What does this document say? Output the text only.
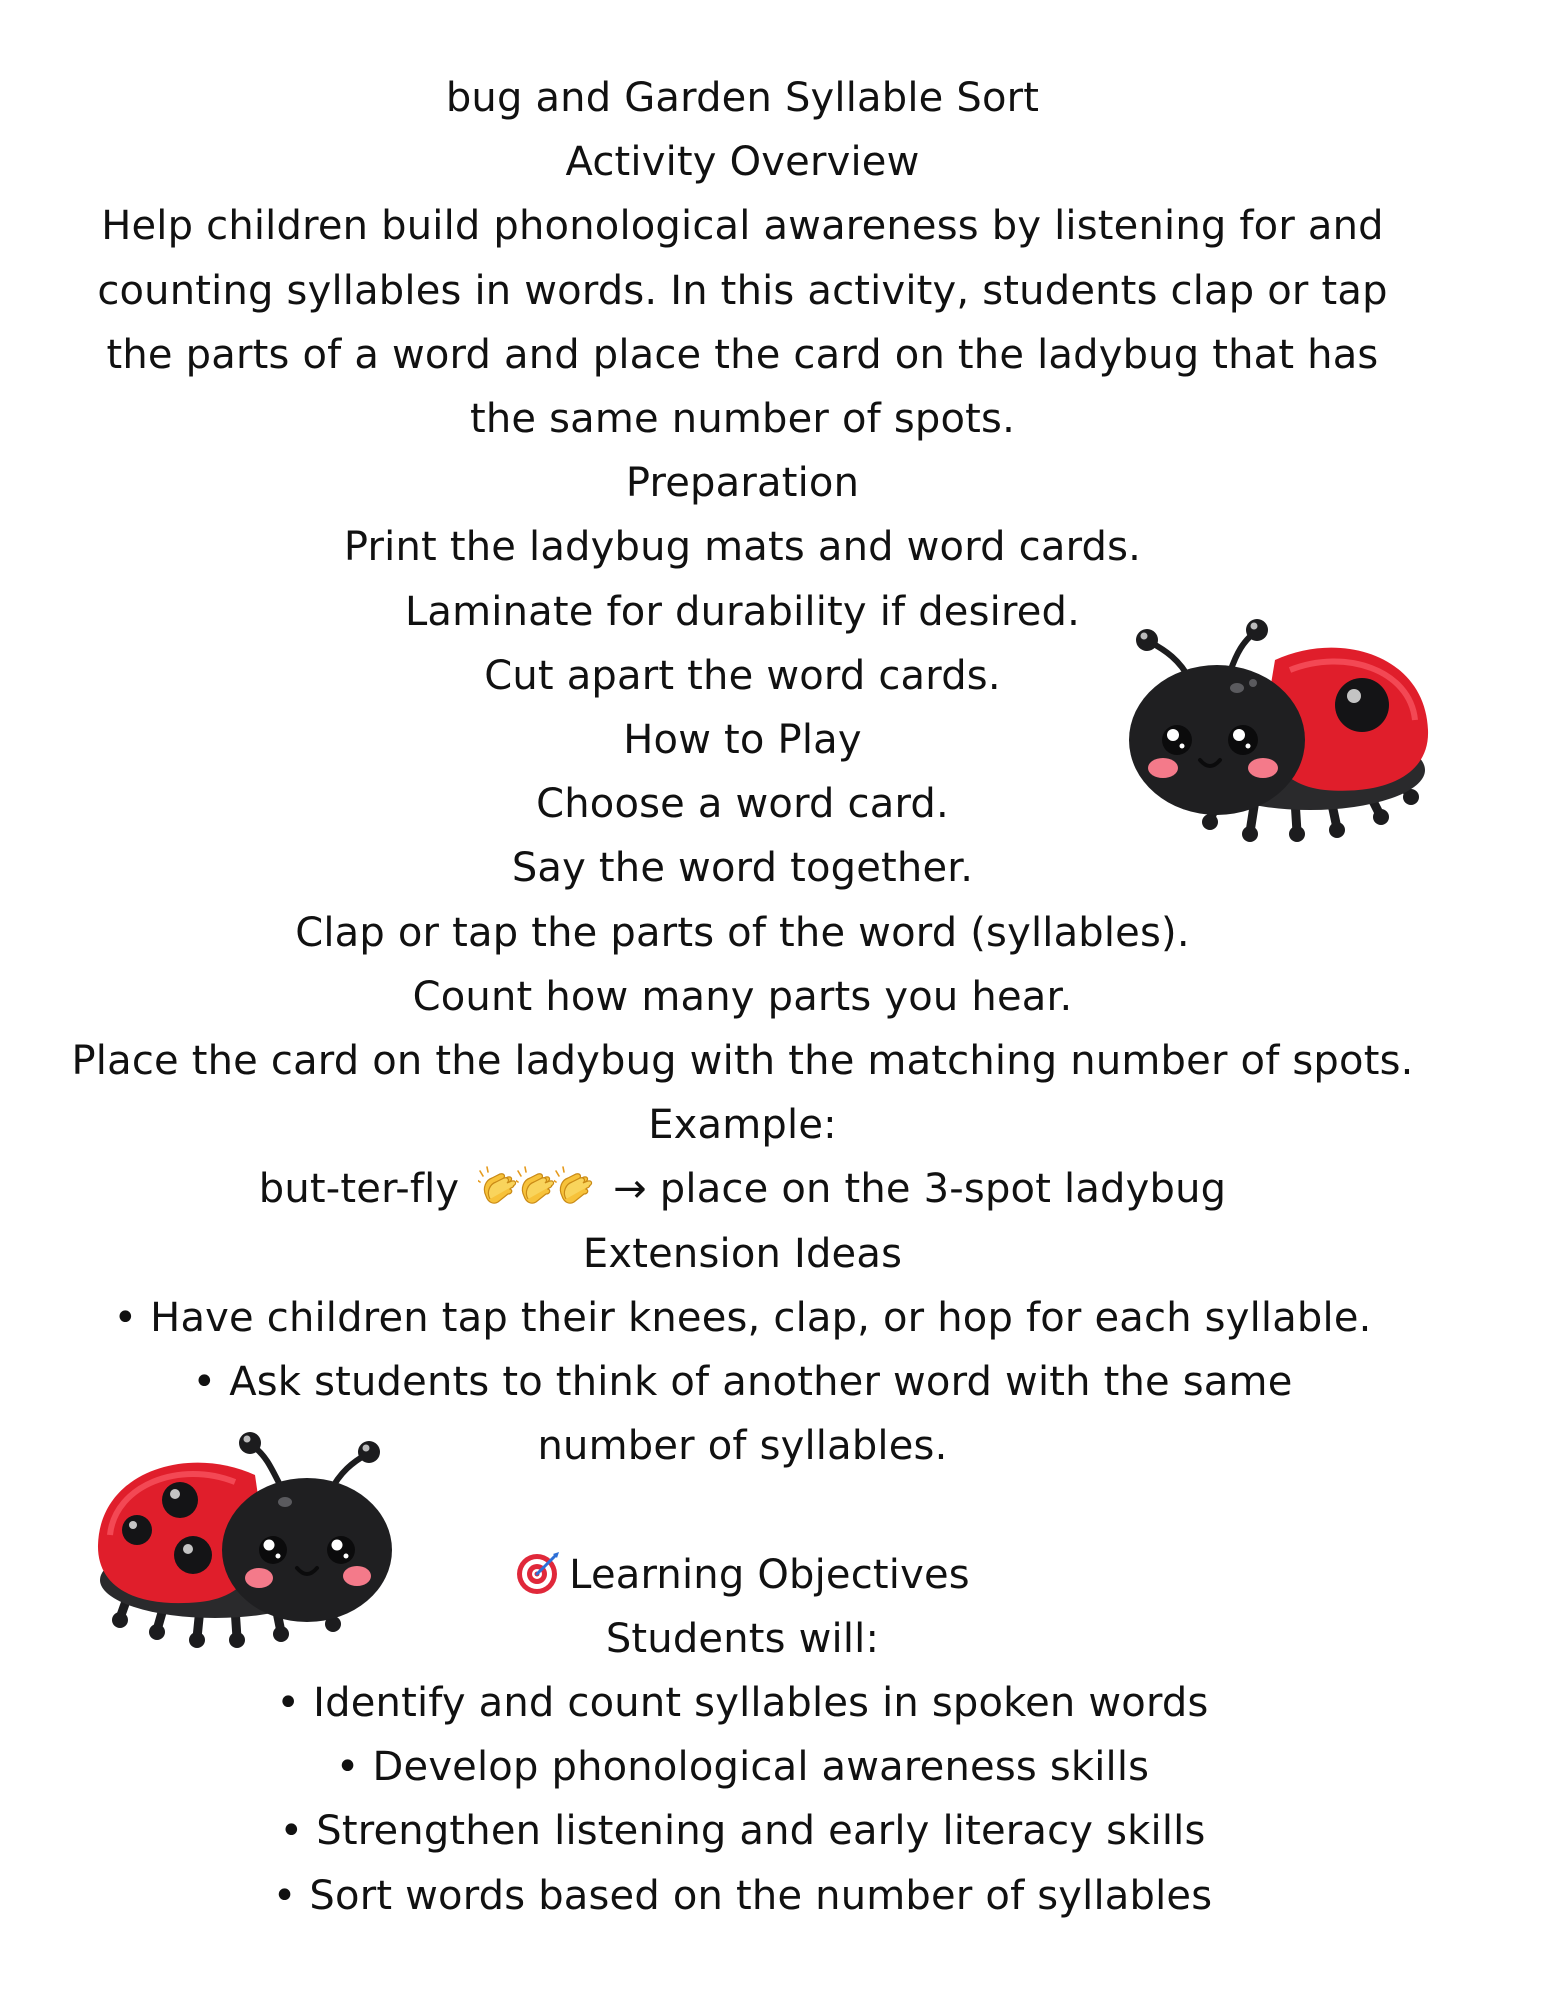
bug and Garden Syllable Sort
Activity Overview
Help children build phonological awareness by listening for and
counting syllables in words. In this activity, students clap or tap
the parts of a word and place the card on the ladybug that has
the same number of spots.
Preparation
Print the ladybug mats and word cards.
Laminate for durability if desired.
Cut apart the word cards.
How to Play
Choose a word card.
Say the word together.
Clap or tap the parts of the word (syllables).
Count how many parts you hear.
Place the card on the ladybug with the matching number of spots.
Example:
but-ter-fly	→ place on the 3-spot ladybug
Extension Ideas
• Have children tap their knees, clap, or hop for each syllable.
• Ask students to think of another word with the same number of syllables.
Learning Objectives
Students will:
• Identify and count syllables in spoken words
• Develop phonological awareness skills
• Strengthen listening and early literacy skills
• Sort words based on the number of syllables
